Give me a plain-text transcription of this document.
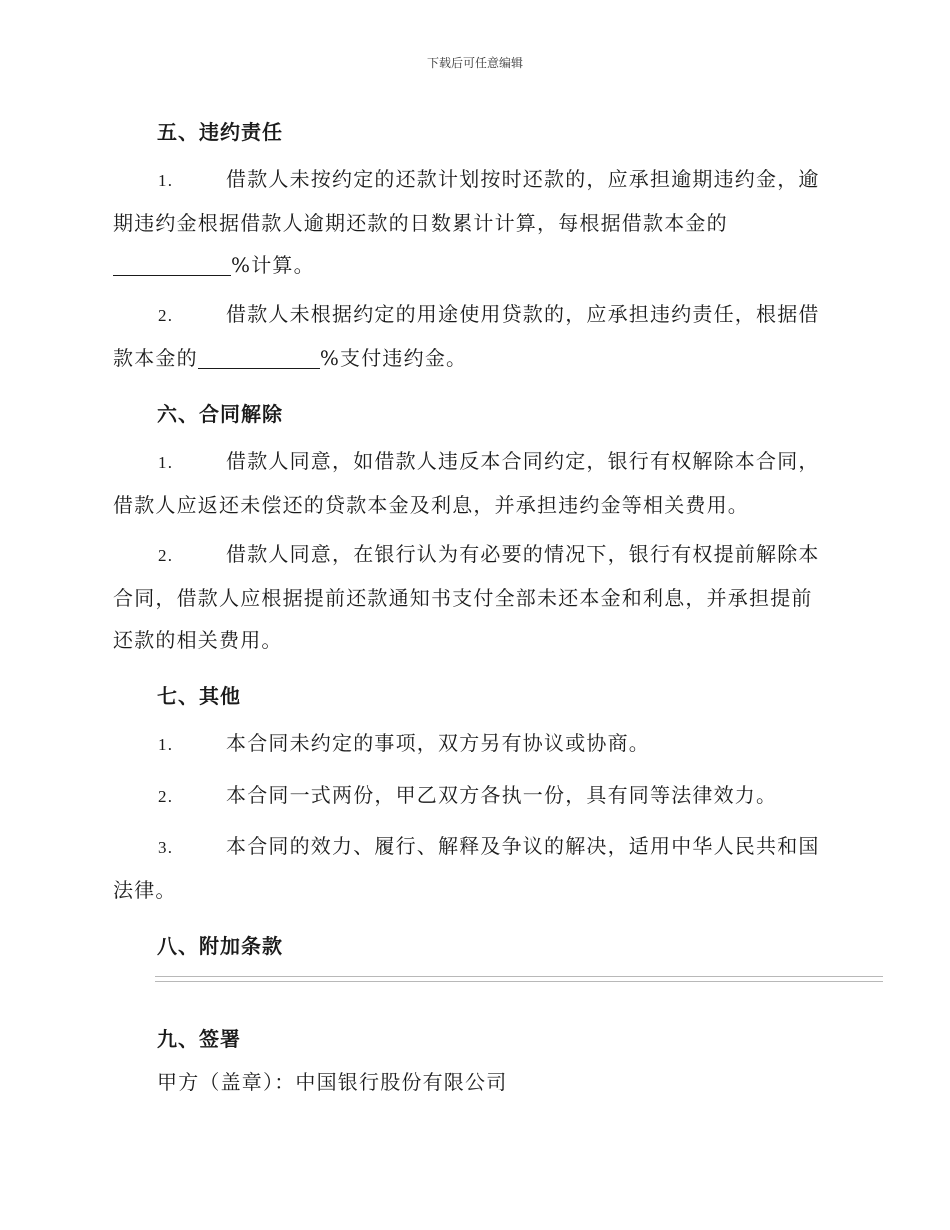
下载后可任意编辑
五、违约责任
1.	借款人未按约定的还款计划按时还款的，应承担逾期违约金，逾
期违约金根据借款人逾期还款的日数累计计算，每根据借款本金的
%计算。
2.	借款人未根据约定的用途使用贷款的，应承担违约责任，根据借
款本金的	%支付违约金。
六、合同解除
1.	借款人同意，如借款人违反本合同约定，银行有权解除本合同，
借款人应返还未偿还的贷款本金及利息，并承担违约金等相关费用。
2.	借款人同意，在银行认为有必要的情况下，银行有权提前解除本
合同，借款人应根据提前还款通知书支付全部未还本金和利息，并承担提前
还款的相关费用。
七、其他
1.	本合同未约定的事项，双方另有协议或协商。
2.	本合同一式两份，甲乙双方各执一份，具有同等法律效力。
3.	本合同的效力、履行、解释及争议的解决，适用中华人民共和国
法律。
八、附加条款
九、签署
甲方（盖章）：中国银行股份有限公司
